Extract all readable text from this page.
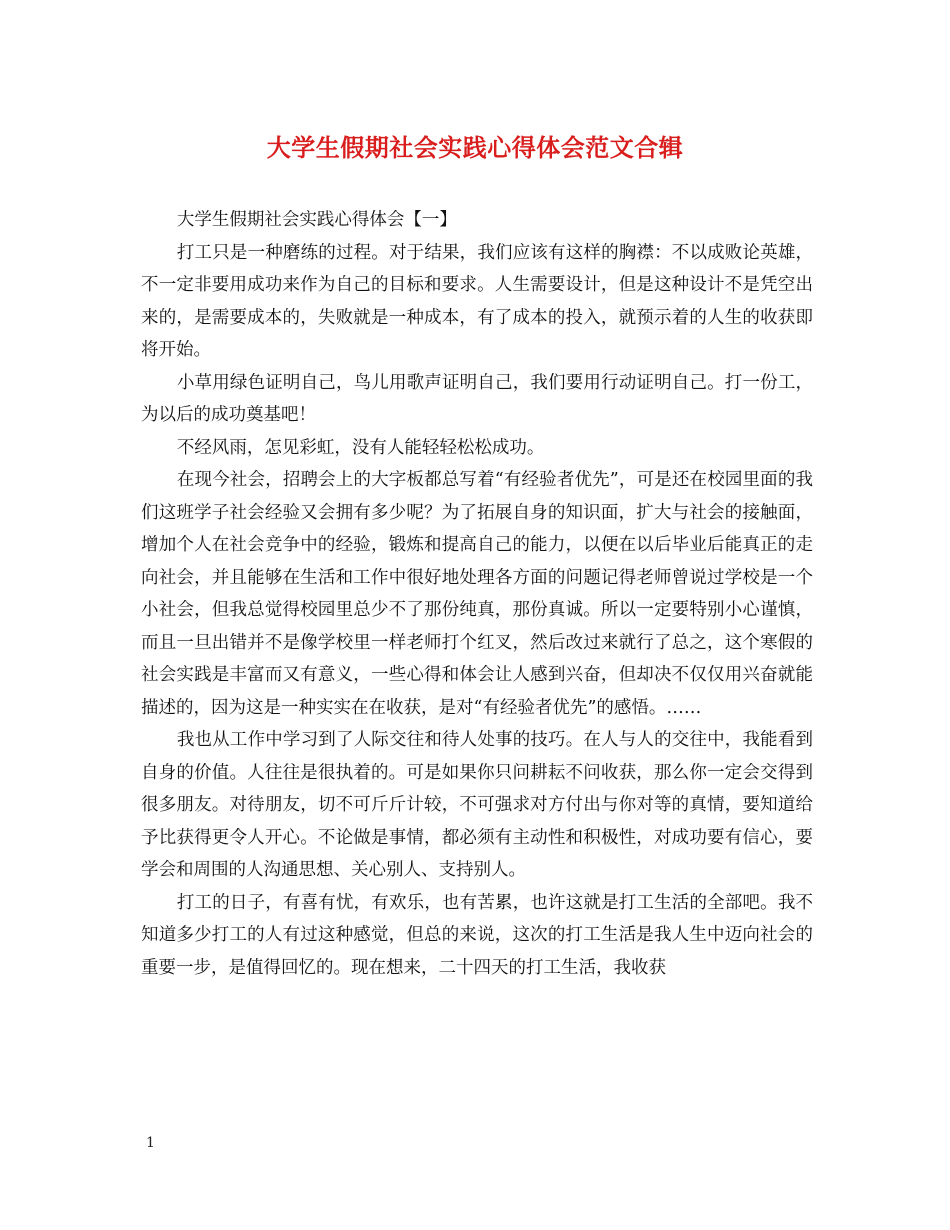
大学生假期社会实践心得体会范文合辑

大学生假期社会实践心得体会【一】

打工只是一种磨练的过程。对于结果，我们应该有这样的胸襟：不以成败论英雄，不一定非要用成功来作为自己的目标和要求。人生需要设计，但是这种设计不是凭空出来的，是需要成本的，失败就是一种成本，有了成本的投入，就预示着的人生的收获即将开始。

小草用绿色证明自己，鸟儿用歌声证明自己，我们要用行动证明自己。打一份工，为以后的成功奠基吧！

不经风雨，怎见彩虹，没有人能轻轻松松成功。

在现今社会，招聘会上的大字板都总写着“有经验者优先”，可是还在校园里面的我们这班学子社会经验又会拥有多少呢？为了拓展自身的知识面，扩大与社会的接触面，增加个人在社会竞争中的经验，锻炼和提高自己的能力，以便在以后毕业后能真正的走向社会，并且能够在生活和工作中很好地处理各方面的问题记得老师曾说过学校是一个小社会，但我总觉得校园里总少不了那份纯真，那份真诚。所以一定要特别小心谨慎，而且一旦出错并不是像学校里一样老师打个红叉，然后改过来就行了总之，这个寒假的社会实践是丰富而又有意义，一些心得和体会让人感到兴奋，但却决不仅仅用兴奋就能描述的，因为这是一种实实在在收获，是对“有经验者优先”的感悟。……

我也从工作中学习到了人际交往和待人处事的技巧。在人与人的交往中，我能看到自身的价值。人往往是很执着的。可是如果你只问耕耘不问收获，那么你一定会交得到很多朋友。对待朋友，切不可斤斤计较，不可强求对方付出与你对等的真情，要知道给予比获得更令人开心。不论做是事情，都必须有主动性和积极性，对成功要有信心，要学会和周围的人沟通思想、关心别人、支持别人。

打工的日子，有喜有忧，有欢乐，也有苦累，也许这就是打工生活的全部吧。我不知道多少打工的人有过这种感觉，但总的来说，这次的打工生活是我人生中迈向社会的重要一步，是值得回忆的。现在想来，二十四天的打工生活，我收获

1
